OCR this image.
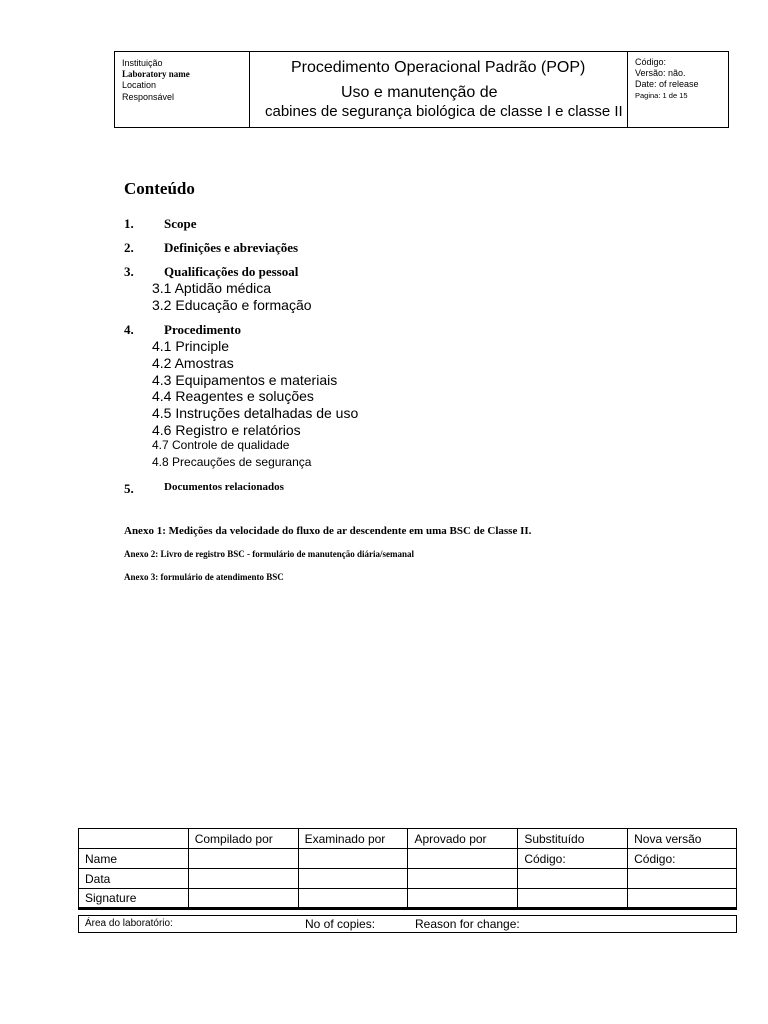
Instituição
Laboratory name
Location
Responsável
Procedimento Operacional Padrão (POP)
Uso e manutenção de
cabines de segurança biológica de classe I e classe II
Código:
Versão: não.
Date: of release
Pagina: 1 de 15
Conteúdo
1. Scope
2. Definições e abreviações
3. Qualificações do pessoal
3.1 Aptidão médica
3.2 Educação e formação
4. Procedimento
4.1 Principle
4.2 Amostras
4.3 Equipamentos e materiais
4.4 Reagentes e soluções
4.5 Instruções detalhadas de uso
4.6 Registro e relatórios
4.7 Controle de qualidade
4.8 Precauções de segurança
5.	Documentos relacionados
Anexo 1: Medições da velocidade do fluxo de ar descendente em uma BSC de Classe II.
Anexo 2: Livro de registro BSC - formulário de manutenção diária/semanal
Anexo 3: formulário de atendimento BSC
	Compilado por	Examinado por	Aprovado por	Substituído	Nova versão
Name				Código:	Código:
Data					
Signature					
Área do laboratório:	No of copies:	Reason for change:
